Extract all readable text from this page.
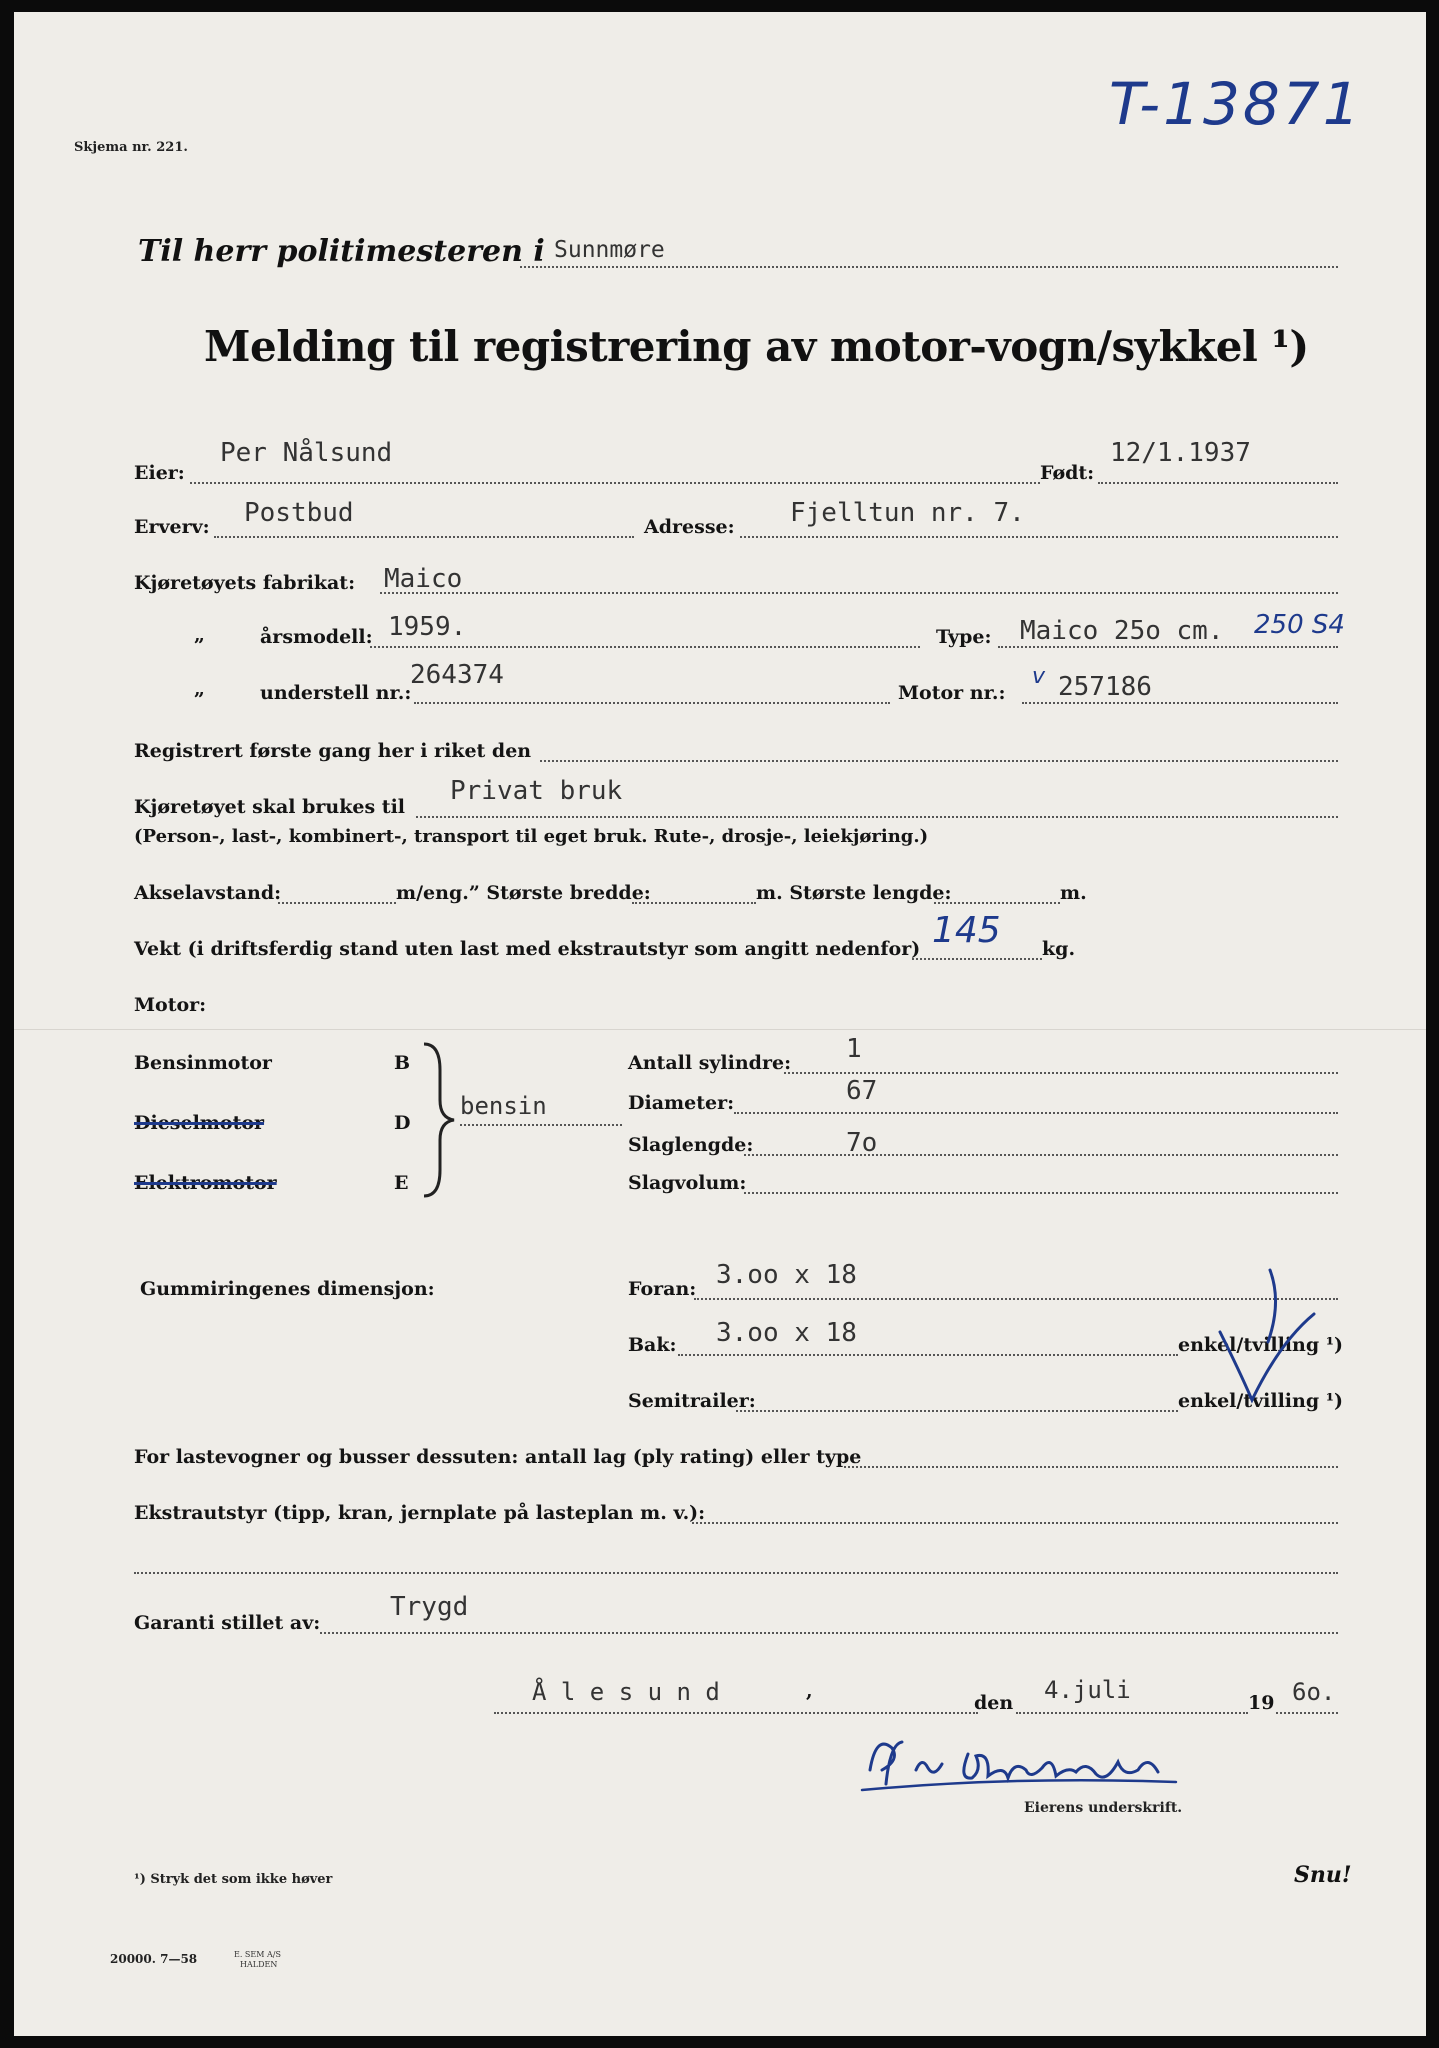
Skjema nr. 221.
T-13871
Til herr politimesteren i Sunnmøre
Melding til registrering av motor-vogn/sykkel ¹)
Eier:
Per Nålsund
Født:
12/1.1937
Erverv: Postbud	Adresse: Fjelltun nr. 7.
Kjøretøyets fabrikat: Maico
„	årsmodell: 1959.	Type: Maico 25o cm. 250 S4
„	understell nr.:
264374
Motor nr.:
v 257186
Registrert første gang her i riket den
Kjøretøyet skal brukes til
Privat bruk
(Person-, last-, kombinert-, transport til eget bruk. Rute-, drosje-, leiekjøring.)
Akselavstand:	m/eng.” Største bredde:	m. Største lengde:	m.
Vekt (i driftsferdig stand uten last med ekstrautstyr som angitt nedenfor) 145 kg.
Motor:
Bensinmotor	B
Dieselmotor	D
Elektromotor	E
bensin
Antall sylindre: 1
Diameter:	67
Slaglengde:	7o
Slagvolum:
Gummiringenes dimensjon:	Foran: 3.oo x 18
Bak: 3.oo x 18	enkel/tvilling ¹)
Semitrailer:	enkel/tvilling ¹)
For lastevogner og busser dessuten: antall lag (ply rating) eller type
Ekstrautstyr (tipp, kran, jernplate på lasteplan m. v.):
Garanti stillet av:
Trygd
Å l e s u n d	,
den 4.juli	19 6o.
Eierens underskrift.
¹) Stryk det som ikke høver	Snu!
20000. 7—58	E. SEM A/S
HALDEN
